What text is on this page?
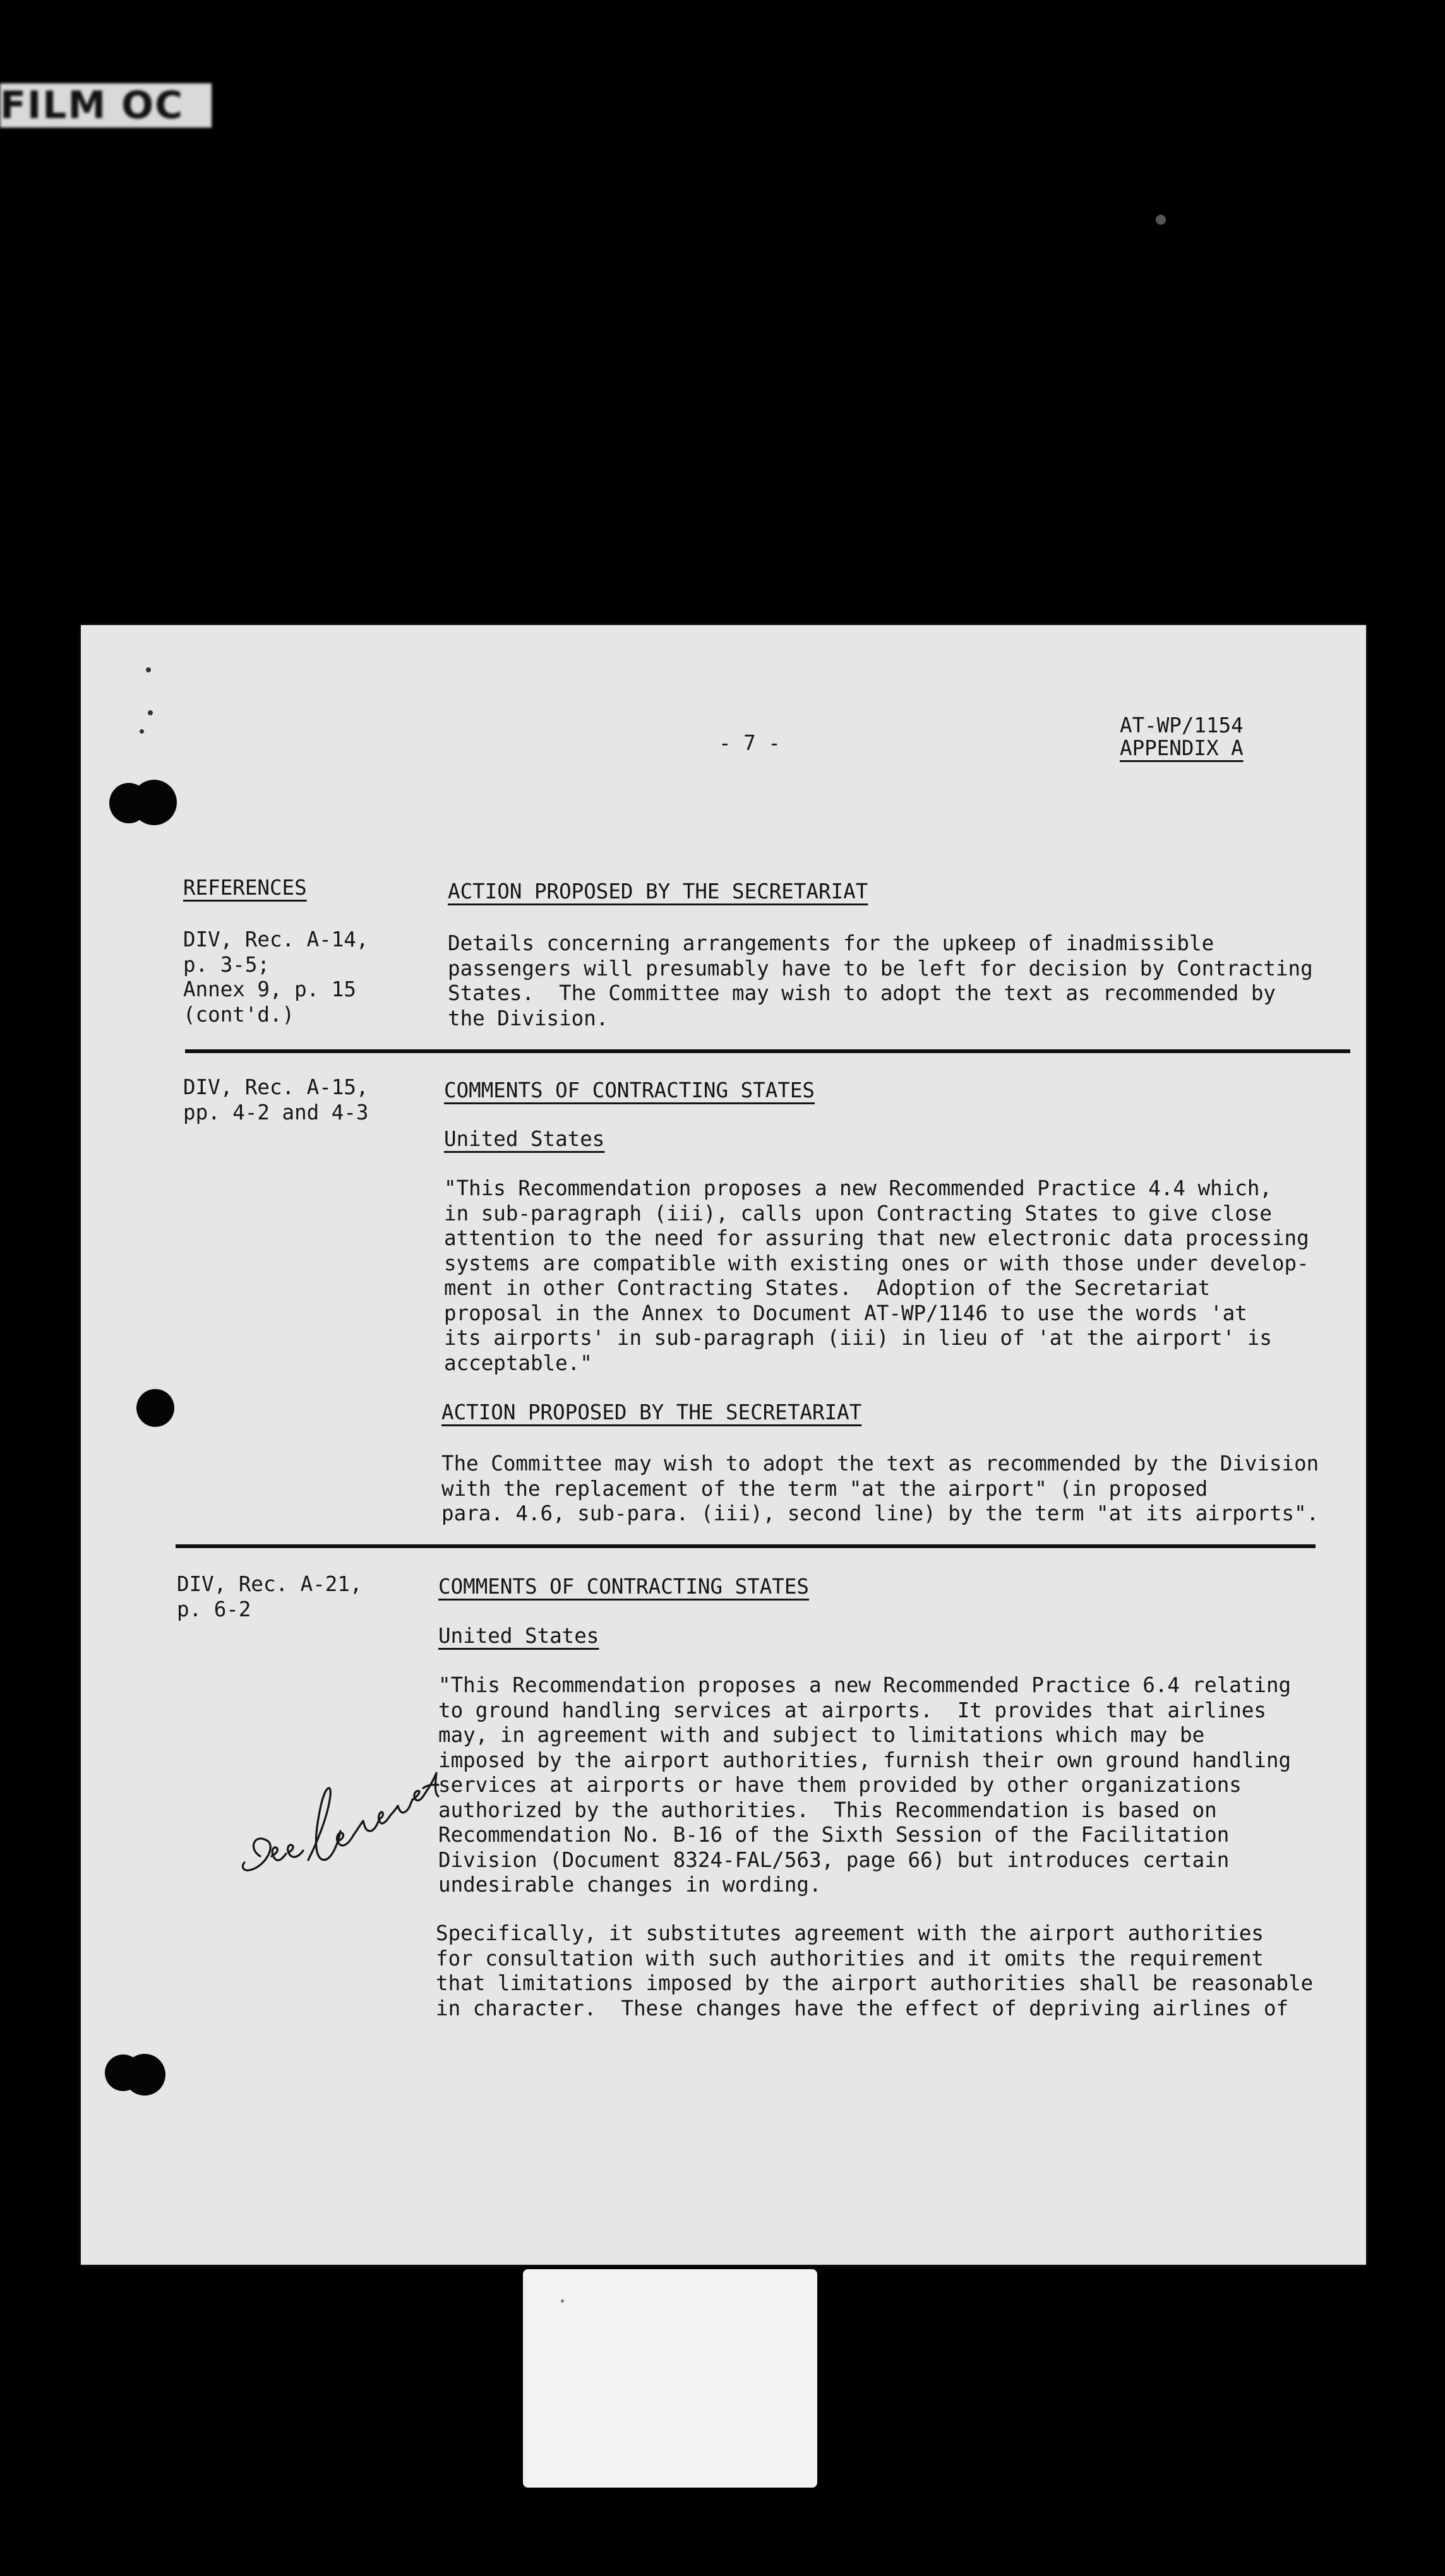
FILM OC
- 7 -
AT-WP/1154
APPENDIX A
REFERENCES	ACTION PROPOSED BY THE SECRETARIAT
DIV, Rec. A-14,
p. 3-5;
Annex 9, p. 15
(cont'd.)
Details concerning arrangements for the upkeep of inadmissible
passengers will presumably have to be left for decision by Contracting
States.  The Committee may wish to adopt the text as recommended by
the Division.
DIV, Rec. A-15,
pp. 4-2 and 4-3
COMMENTS OF CONTRACTING STATES
United States
"This Recommendation proposes a new Recommended Practice 4.4 which,
in sub-paragraph (iii), calls upon Contracting States to give close
attention to the need for assuring that new electronic data processing
systems are compatible with existing ones or with those under develop-
ment in other Contracting States.  Adoption of the Secretariat
proposal in the Annex to Document AT-WP/1146 to use the words 'at
its airports' in sub-paragraph (iii) in lieu of 'at the airport' is
acceptable."
ACTION PROPOSED BY THE SECRETARIAT
The Committee may wish to adopt the text as recommended by the Division
with the replacement of the term "at the airport" (in proposed
para. 4.6, sub-para. (iii), second line) by the term "at its airports".
DIV, Rec. A-21,
p. 6-2
COMMENTS OF CONTRACTING STATES
United States
"This Recommendation proposes a new Recommended Practice 6.4 relating
to ground handling services at airports.  It provides that airlines
may, in agreement with and subject to limitations which may be
imposed by the airport authorities, furnish their own ground handling
services at airports or have them provided by other organizations
authorized by the authorities.  This Recommendation is based on
Recommendation No. B-16 of the Sixth Session of the Facilitation
Division (Document 8324-FAL/563, page 66) but introduces certain
undesirable changes in wording.
Specifically, it substitutes agreement with the airport authorities
for consultation with such authorities and it omits the requirement
that limitations imposed by the airport authorities shall be reasonable
in character.  These changes have the effect of depriving airlines of
See Serrurier
